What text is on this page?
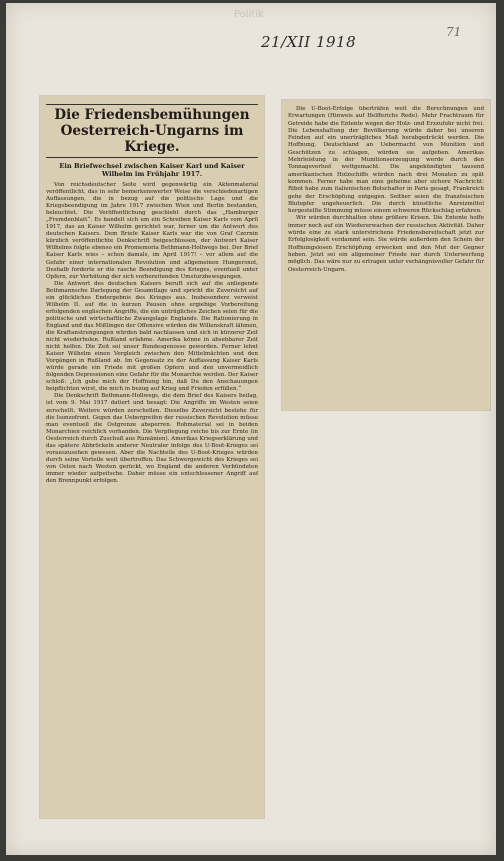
Politik
21/XII 1918
71
Die Friedensbemühungen
Oesterreich-Ungarns im Kriege.
Ein Briefwechsel zwischen Kaiser Karl und Kaiser Wilhelm im Frühjahr 1917.

Von reichsdeutscher Seite wird gegenwärtig ein Aktenmaterial veröffentlicht, das in sehr bemerkenswerter Weise die verschiedenartigen Auffassungen, die in bezug auf die politische Lage und die Kriegsbeendigung im Jahre 1917 zwischen Wien und Berlin bestanden, beleuchtet. Die Veröffentlichung geschieht durch das „Hamburger „Fremdenblatt“. Es handelt sich um ein Schreiben Kaiser Karls vom April 1917, das an Kaiser Wilhelm gerichtet war, ferner um die Antwort des deutschen Kaisers. Dem Briefe Kaiser Karls war die von Graf Czernin kürzlich veröffentlichte Denkschrift beigeschlossen, der Antwort Kaiser Wilhelms folgte ebenso ein Promemoria Bethmann-Hollwegs bei. Der Brief Kaiser Karls wies – schon damals, im April 1917! – vor allem auf die Gefahr einer internationalen Revolution und allgemeinen Hungersnot, Deshalb forderte er die rasche Beendigung des Krieges, eventuell unter Opfern, zur Verhütung der sich vorbereitenden Umsturzbewegungen.

Die Antwort des deutschen Kaisers beruft sich auf die anliegende Bethmannsche Darlegung der Gesamtlage und spricht die Zuversicht auf ein glückliches Endergebnis des Krieges aus. Insbesondere verweist Wilhelm II. auf die in kurzen Pausen ohne ergiebige Vorbereitung erfolgenden englischen Angriffe, die ein untrügliches Zeichen seien für die politische und wirtschaftliche Zwangslage Englands. Die Rationierung in England und das Mißlingen der Offensive würden die Willenskraft lähmen, die Kraftanstrengungen würden bald nachlassen und sich in kürzerer Zeit nicht wiederholen. Rußland erlahme. Amerika könne in absehbarer Zeit nicht helfen. Die Zeit sei unser Bundesgenosse geworden. Ferner lehnt Kaiser Wilhelm einen Vergleich zwischen den Mittelmächten und den Vorgängen in Rußland ab. Im Gegensatz zu der Auffassung Kaiser Karls würde gerade ein Friede mit großen Opfern und den unvermeidlich folgenden Depressionen eine Gefahr für die Monarchie werden. Der Kaiser schloß: „Ich gebe mich der Hoffnung hin, daß Du den Anschauungen beipflichten wirst, die mich in bezug auf Krieg und Frieden erfüllen.“

Die Denkschrift Bethmann-Hollwegs, die dem Brief des Kaisers beilag, ist vom 9. Mai 1917 datiert und besagt: Die Angriffe im Westen seien zerschellt. Weitere würden zerschellen. Dieselbe Zuversicht bestehe für die Isonzofront. Gegen das Uebergreifen der russischen Revolution müsse man eventuell die Ostgrenze absperren. Rohmaterial sei in beiden Monarchien reichlich vorhanden. Die Verpflegung reiche bis zur Ernte (in Oesterreich durch Zuschuß aus Rumänien). Amerikas Kriegserklärung und das spätere Abbröckeln anderer Neutraler infolge des U-Boot-Krieges sei vorauszusehen gewesen. Aber die Nachteile des U-Boot-Krieges würden durch seine Vorteile weit übertroffen. Das Schwergewicht des Krieges sei von Osten nach Westen gerückt, wo England die anderen Verbündeten immer wieder aufpeitsche. Daher müsse ein entschlossener Angriff auf den Brennpunkt erfolgen.

Die U-Boot-Erfolge überträfen weit die Berechnungen und Erwartungen (Hinweis auf Helfferichs Rede). Mehr Frachtraum für Getreide habe die Entente wegen der Holz- und Erzzufuhr nicht frei. Die Lebenshaltung der Bevölkerung würde daher bei unseren Feinden auf ein unerträgliches Maß herabgedrückt werden. Die Hoffnung, Deutschland an Uebermacht von Munition und Geschützen zu schlagen, würden sie aufgeben. Amerikas Mehrleistung in der Munitionserzeugung werde durch den Tonnageverlust wettgemacht. Die angekündigten tausend amerikanischen Holzschiffe würden nach drei Monaten zu spät kommen. Ferner habe man eine geheime aber sichere Nachricht: Ribot habe zum italienischen Botschafter in Paris gesagt, Frankreich gehe der Erschöpfung entgegen. Seither seien die französischen Blutopfer ungeheuerlich. Die durch künstliche Anreizmittel hergestellte Stimmung müsse einem schweren Rückschlag erfahren.

Wir würden durchhalten ohne größere Krisen. Die Entente hoffe immer noch auf ein Wiedererwachen der russischen Aktivität. Daher würde eine zu stark unterstrichene Friedensbereitschaft jetzt zur Erfolglosigkeit verdammt sein. Sie würde außerdem den Schein der Hoffnungslosen Erschöpfung erwecken und den Mut der Gegner heben. Jetzt sei ein allgemeiner Friede nur durch Unterwerfung möglich. Das wäre nur zu ertragen unter verhängnisvoller Gefahr für Oesterreich-Ungarn.
